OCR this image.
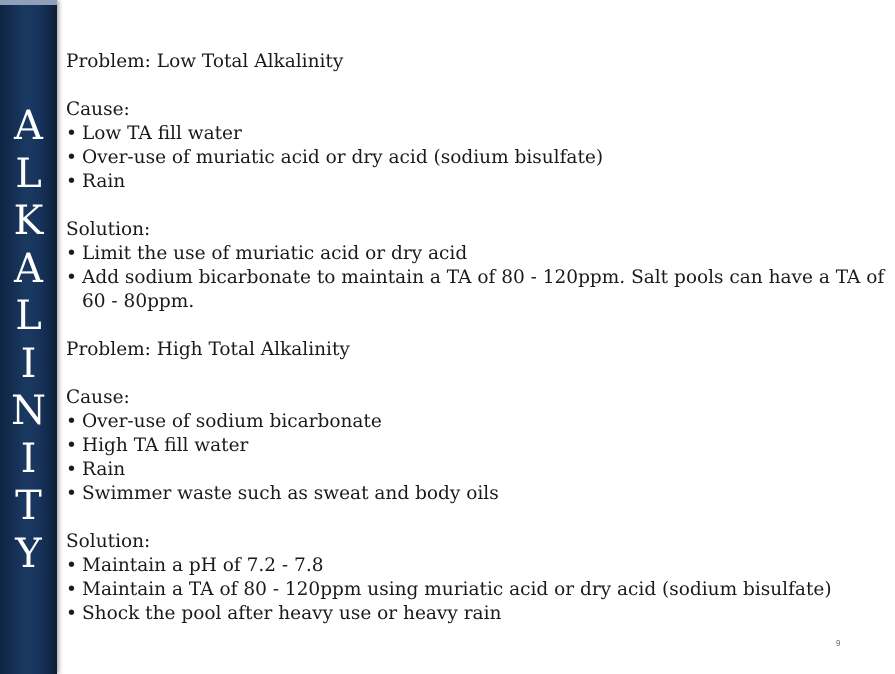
A
L
K
A
L
I
N
I
T
Y
Problem: Low Total Alkalinity
Cause:
• Low TA fill water
• Over-use of muriatic acid or dry acid (sodium bisulfate)
• Rain
Solution:
• Limit the use of muriatic acid or dry acid
• Add sodium bicarbonate to maintain a TA of 80 - 120ppm. Salt pools can have a TA of 60 - 80ppm.
Problem: High Total Alkalinity
Cause:
• Over-use of sodium bicarbonate
• High TA fill water
• Rain
• Swimmer waste such as sweat and body oils
Solution:
• Maintain a pH of 7.2 - 7.8
• Maintain a TA of 80 - 120ppm using muriatic acid or dry acid (sodium bisulfate)
• Shock the pool after heavy use or heavy rain
9
